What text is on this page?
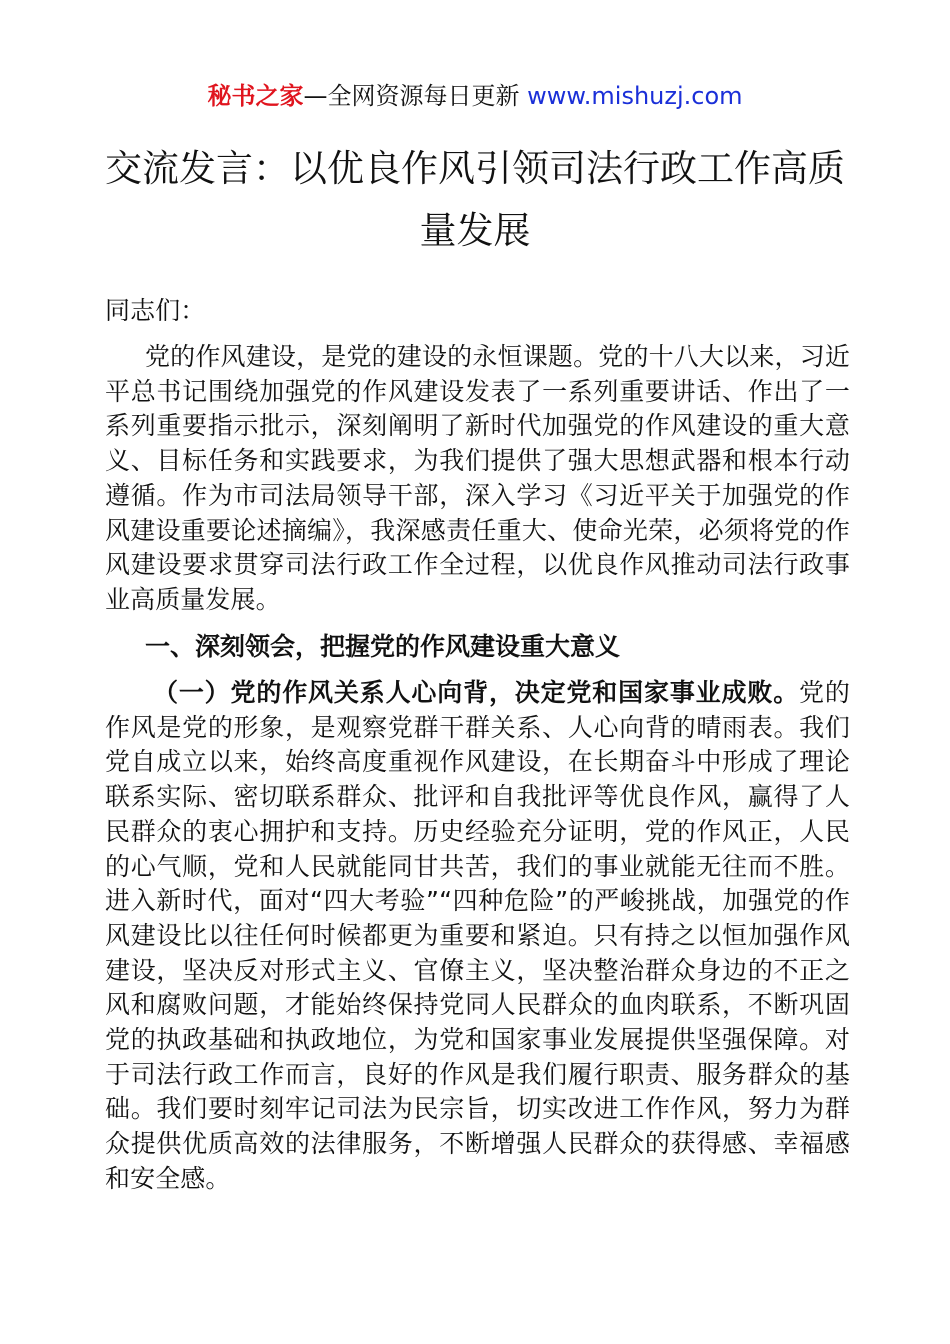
秘书之家—全网资源每日更新 www.mishuzj.com
交流发言：以优良作风引领司法行政工作高质量发展

同志们：

党的作风建设，是党的建设的永恒课题。党的十八大以来，习近平总书记围绕加强党的作风建设发表了一系列重要讲话、作出了一系列重要指示批示，深刻阐明了新时代加强党的作风建设的重大意义、目标任务和实践要求，为我们提供了强大思想武器和根本行动遵循。作为市司法局领导干部，深入学习《习近平关于加强党的作风建设重要论述摘编》，我深感责任重大、使命光荣，必须将党的作风建设要求贯穿司法行政工作全过程，以优良作风推动司法行政事业高质量发展。

一、深刻领会，把握党的作风建设重大意义

（一）党的作风关系人心向背，决定党和国家事业成败。党的作风是党的形象，是观察党群干群关系、人心向背的晴雨表。我们党自成立以来，始终高度重视作风建设，在长期奋斗中形成了理论联系实际、密切联系群众、批评和自我批评等优良作风，赢得了人民群众的衷心拥护和支持。历史经验充分证明，党的作风正，人民的心气顺，党和人民就能同甘共苦，我们的事业就能无往而不胜。进入新时代，面对“四大考验”“四种危险”的严峻挑战，加强党的作风建设比以往任何时候都更为重要和紧迫。只有持之以恒加强作风建设，坚决反对形式主义、官僚主义，坚决整治群众身边的不正之风和腐败问题，才能始终保持党同人民群众的血肉联系，不断巩固党的执政基础和执政地位，为党和国家事业发展提供坚强保障。对于司法行政工作而言，良好的作风是我们履行职责、服务群众的基础。我们要时刻牢记司法为民宗旨，切实改进工作作风，努力为群众提供优质高效的法律服务，不断增强人民群众的获得感、幸福感和安全感。
